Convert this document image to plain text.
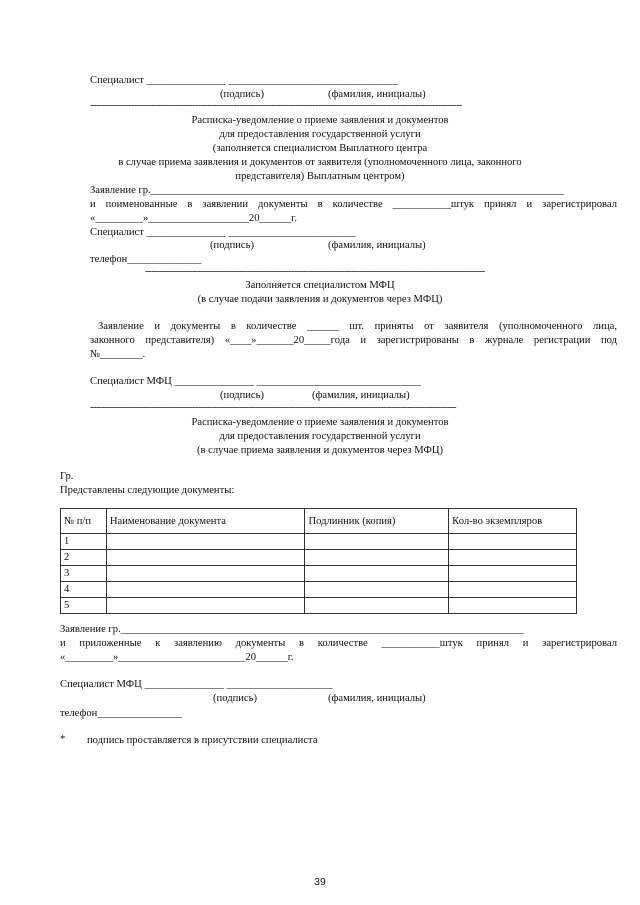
Специалист _______________ ________________________________
(подпись)	(фамилия, инициалы)
-------------------------------------------------------------------------------------------------------------------------------
Расписка-уведомление о приеме заявления и документов
для предоставления государственной услуги
(заполняется специалистом Выплатного центра
в случае приема заявления и документов от заявителя (уполномоченного лица, законного
представителя) Выплатным центром)
Заявление гр.______________________________________________________________________________
и поименованные в заявлении документы в количестве ___________штук принял и зарегистрировал
«_________»___________________20______г.
Специалист _______________ ________________________
(подпись)	(фамилия, инициалы)
телефон______________
--------------------------------------------------------------------------------------------------------------------
Заполняется специалистом МФЦ
(в случае подачи заявления и документов через МФЦ)
Заявление и документы в количестве ______ шт. приняты от заявителя (уполномоченного лица,
законного представителя) «____»_______20_____года и зарегистрированы в журнале регистрации под
№________.
Специалист МФЦ _______________ _______________________________
(подпись)	(фамилия, инициалы)
-----------------------------------------------------------------------------------------------------------------------------
Расписка-уведомление о приеме заявления и документов
для предоставления государственной услуги
(в случае приема заявления и документов через МФЦ)
Гр.
Представлены следующие документы:
№ п/п	Наименование документа	Подлинник (копия)	Кол-во экземпляров
1			
2			
3			
4			
5			
Заявление гр.____________________________________________________________________________
и приложенные к заявлению документы в количестве ___________штук принял и зарегистрировал
«_________»________________________20______г.
Специалист МФЦ _______________ ____________________
(подпись)	(фамилия, инициалы)
телефон________________
* подпись проставляется в присутствии специалиста
39
